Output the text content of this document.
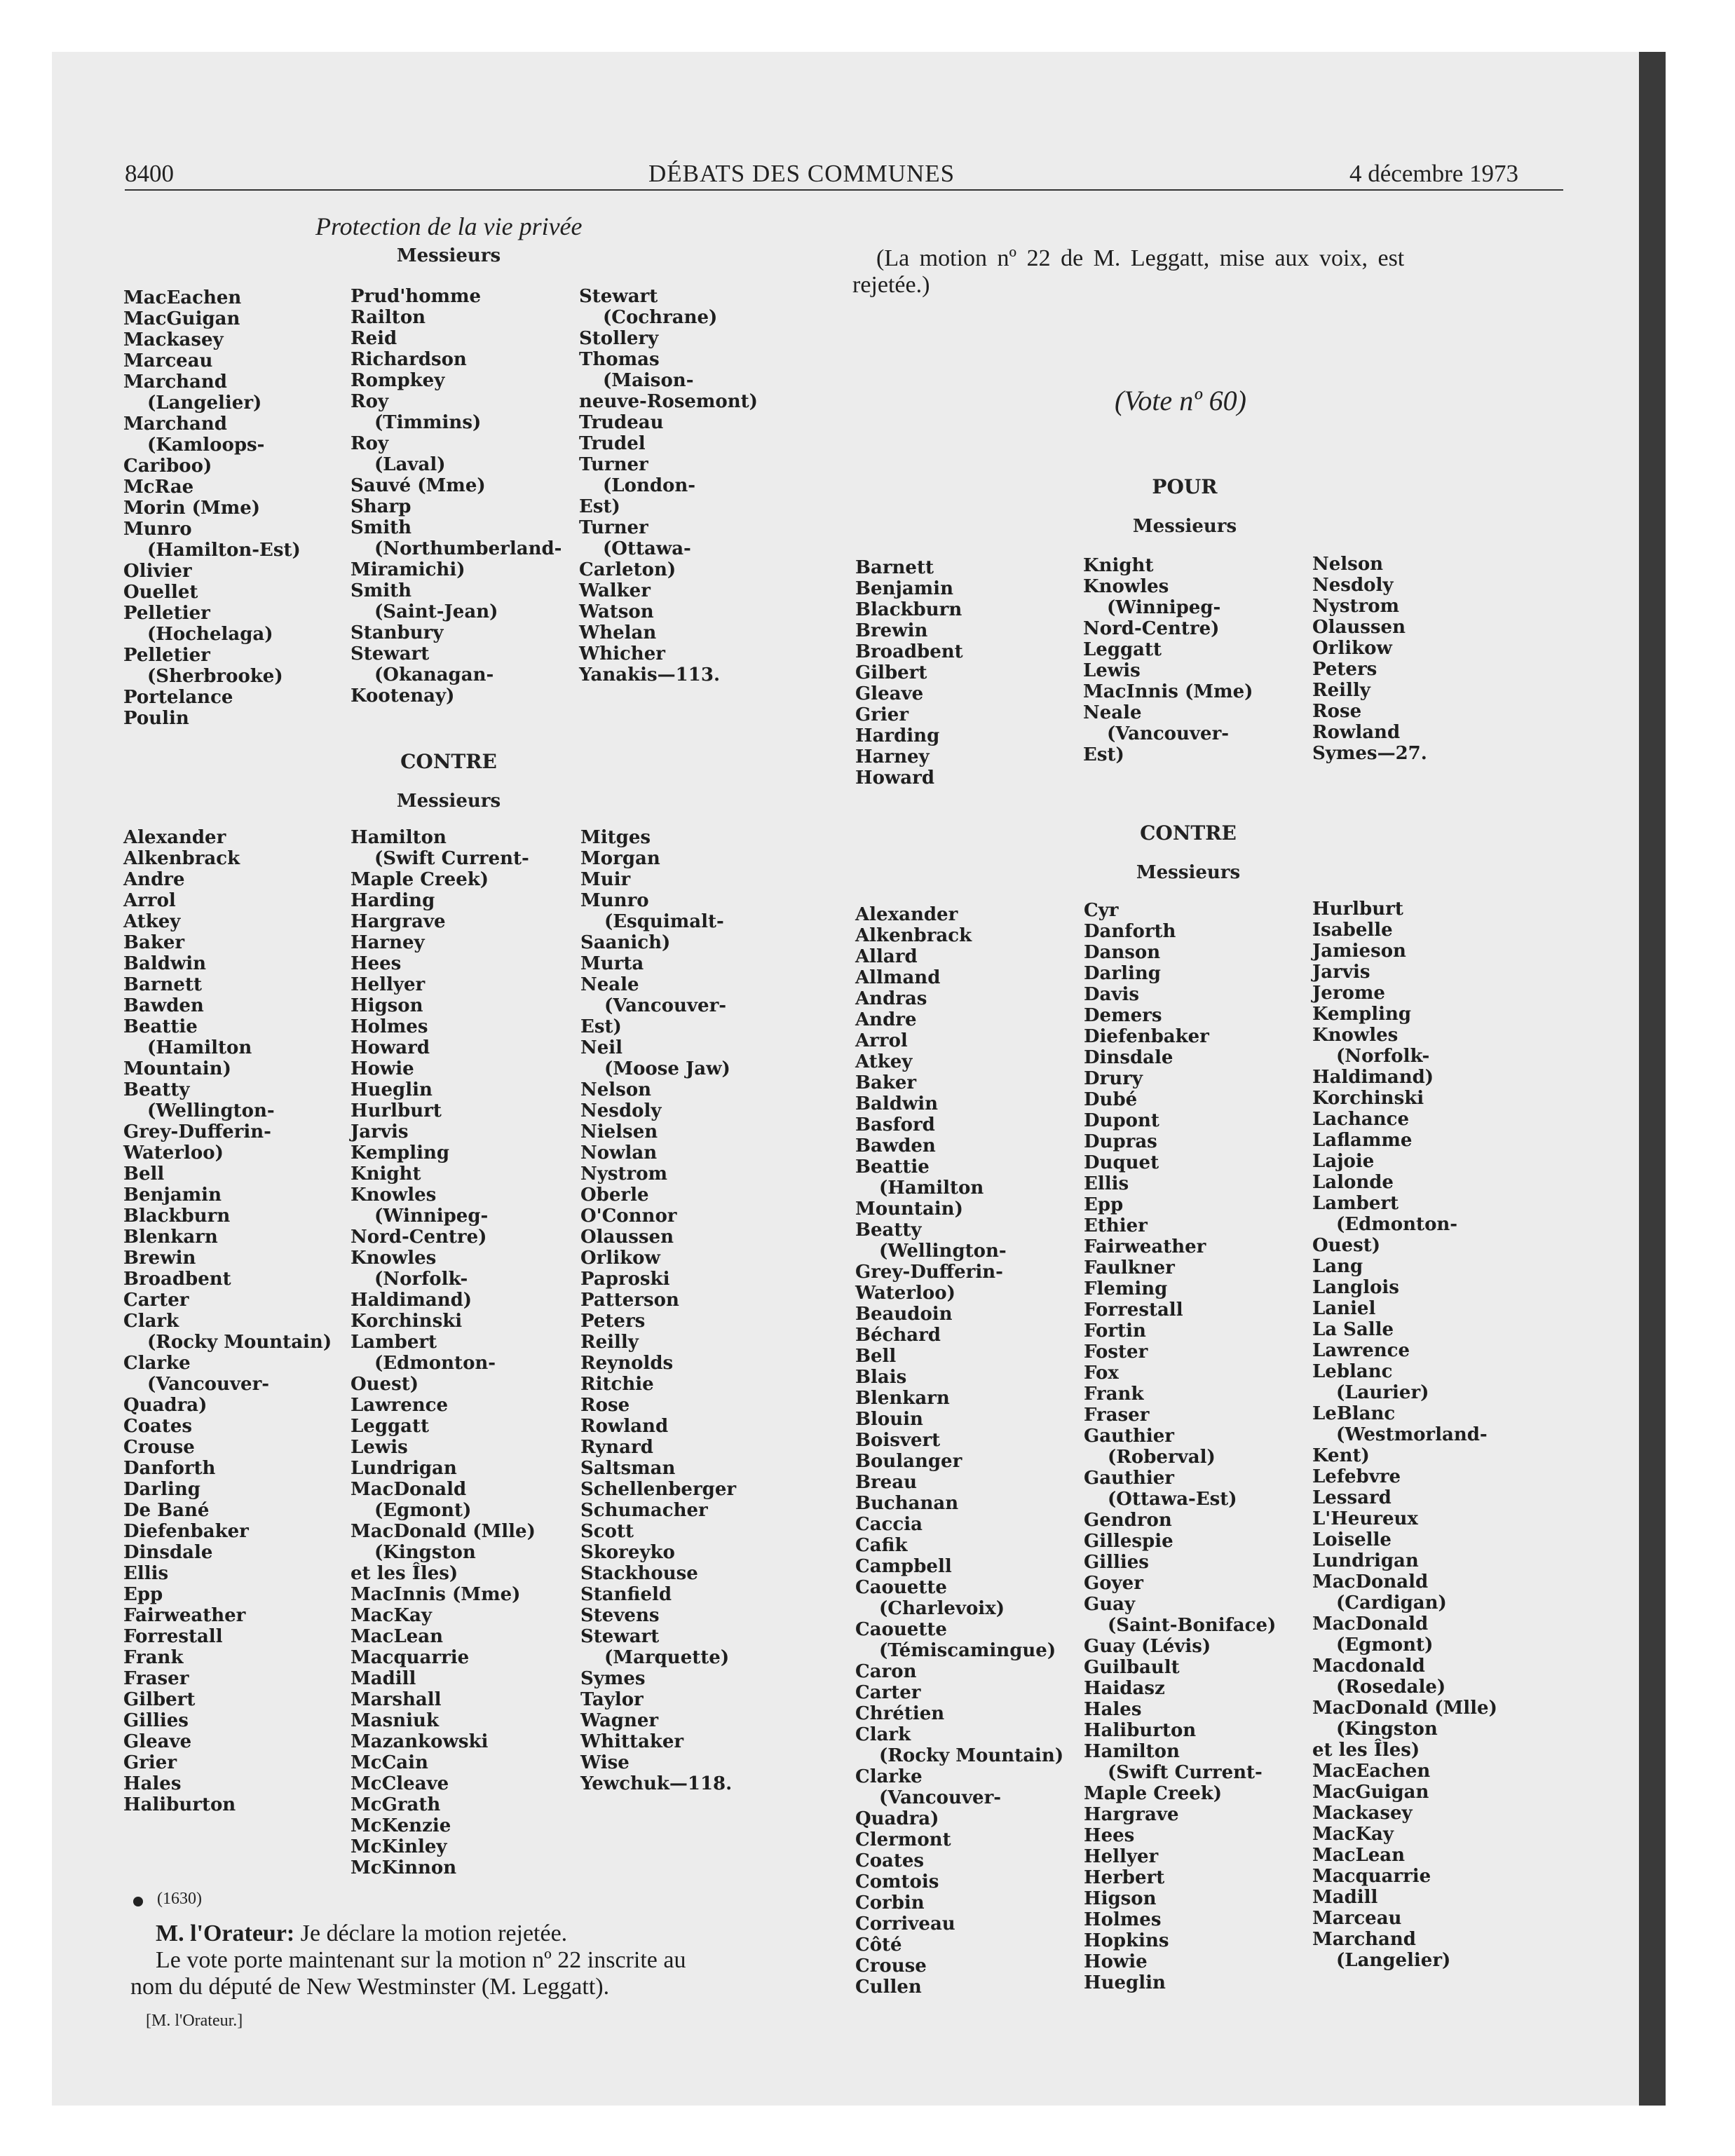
8400	DÉBATS DES COMMUNES	4 décembre 1973
Protection de la vie privée
Messieurs
MacEachen
MacGuigan
Mackasey
Marceau
Marchand
(Langelier)
Marchand
(Kamloops-
Cariboo)
McRae
Morin (Mme)
Munro
(Hamilton-Est)
Olivier
Ouellet
Pelletier
(Hochelaga)
Pelletier
(Sherbrooke)
Portelance
Poulin
Prud'homme
Railton
Reid
Richardson
Rompkey
Roy
(Timmins)
Roy
(Laval)
Sauvé (Mme)
Sharp
Smith
(Northumberland-
Miramichi)
Smith
(Saint-Jean)
Stanbury
Stewart
(Okanagan-
Kootenay)
Stewart
(Cochrane)
Stollery
Thomas
(Maison-
neuve-Rosemont)
Trudeau
Trudel
Turner
(London-
Est)
Turner
(Ottawa-
Carleton)
Walker
Watson
Whelan
Whicher
Yanakis—113.
CONTRE
Messieurs
Alexander
Alkenbrack
Andre
Arrol
Atkey
Baker
Baldwin
Barnett
Bawden
Beattie
(Hamilton
Mountain)
Beatty
(Wellington-
Grey-Dufferin-
Waterloo)
Bell
Benjamin
Blackburn
Blenkarn
Brewin
Broadbent
Carter
Clark
(Rocky Mountain)
Clarke
(Vancouver-
Quadra)
Coates
Crouse
Danforth
Darling
De Bané
Diefenbaker
Dinsdale
Ellis
Epp
Fairweather
Forrestall
Frank
Fraser
Gilbert
Gillies
Gleave
Grier
Hales
Haliburton
Hamilton
(Swift Current-
Maple Creek)
Harding
Hargrave
Harney
Hees
Hellyer
Higson
Holmes
Howard
Howie
Hueglin
Hurlburt
Jarvis
Kempling
Knight
Knowles
(Winnipeg-
Nord-Centre)
Knowles
(Norfolk-
Haldimand)
Korchinski
Lambert
(Edmonton-
Ouest)
Lawrence
Leggatt
Lewis
Lundrigan
MacDonald
(Egmont)
MacDonald (Mlle)
(Kingston
et les Îles)
MacInnis (Mme)
MacKay
MacLean
Macquarrie
Madill
Marshall
Masniuk
Mazankowski
McCain
McCleave
McGrath
McKenzie
McKinley
McKinnon
Mitges
Morgan
Muir
Munro
(Esquimalt-
Saanich)
Murta
Neale
(Vancouver-
Est)
Neil
(Moose Jaw)
Nelson
Nesdoly
Nielsen
Nowlan
Nystrom
Oberle
O'Connor
Olaussen
Orlikow
Paproski
Patterson
Peters
Reilly
Reynolds
Ritchie
Rose
Rowland
Rynard
Saltsman
Schellenberger
Schumacher
Scott
Skoreyko
Stackhouse
Stanfield
Stevens
Stewart
(Marquette)
Symes
Taylor
Wagner
Whittaker
Wise
Yewchuk—118.
(1630)
M. l'Orateur: Je déclare la motion rejetée.
Le vote porte maintenant sur la motion nº 22 inscrite au
nom du député de New Westminster (M. Leggatt).
[M. l'Orateur.]
(La motion nº 22 de M. Leggatt, mise aux voix, est
rejetée.)
(Vote nº 60)
POUR
Messieurs
Barnett
Benjamin
Blackburn
Brewin
Broadbent
Gilbert
Gleave
Grier
Harding
Harney
Howard
Knight
Knowles
(Winnipeg-
Nord-Centre)
Leggatt
Lewis
MacInnis (Mme)
Neale
(Vancouver-
Est)
Nelson
Nesdoly
Nystrom
Olaussen
Orlikow
Peters
Reilly
Rose
Rowland
Symes—27.
CONTRE
Messieurs
Alexander
Alkenbrack
Allard
Allmand
Andras
Andre
Arrol
Atkey
Baker
Baldwin
Basford
Bawden
Beattie
(Hamilton
Mountain)
Beatty
(Wellington-
Grey-Dufferin-
Waterloo)
Beaudoin
Béchard
Bell
Blais
Blenkarn
Blouin
Boisvert
Boulanger
Breau
Buchanan
Caccia
Cafik
Campbell
Caouette
(Charlevoix)
Caouette
(Témiscamingue)
Caron
Carter
Chrétien
Clark
(Rocky Mountain)
Clarke
(Vancouver-
Quadra)
Clermont
Coates
Comtois
Corbin
Corriveau
Côté
Crouse
Cullen
Cyr
Danforth
Danson
Darling
Davis
Demers
Diefenbaker
Dinsdale
Drury
Dubé
Dupont
Dupras
Duquet
Ellis
Epp
Ethier
Fairweather
Faulkner
Fleming
Forrestall
Fortin
Foster
Fox
Frank
Fraser
Gauthier
(Roberval)
Gauthier
(Ottawa-Est)
Gendron
Gillespie
Gillies
Goyer
Guay
(Saint-Boniface)
Guay (Lévis)
Guilbault
Haidasz
Hales
Haliburton
Hamilton
(Swift Current-
Maple Creek)
Hargrave
Hees
Hellyer
Herbert
Higson
Holmes
Hopkins
Howie
Hueglin
Hurlburt
Isabelle
Jamieson
Jarvis
Jerome
Kempling
Knowles
(Norfolk-
Haldimand)
Korchinski
Lachance
Laflamme
Lajoie
Lalonde
Lambert
(Edmonton-
Ouest)
Lang
Langlois
Laniel
La Salle
Lawrence
Leblanc
(Laurier)
LeBlanc
(Westmorland-
Kent)
Lefebvre
Lessard
L'Heureux
Loiselle
Lundrigan
MacDonald
(Cardigan)
MacDonald
(Egmont)
Macdonald
(Rosedale)
MacDonald (Mlle)
(Kingston
et les Îles)
MacEachen
MacGuigan
Mackasey
MacKay
MacLean
Macquarrie
Madill
Marceau
Marchand
(Langelier)
